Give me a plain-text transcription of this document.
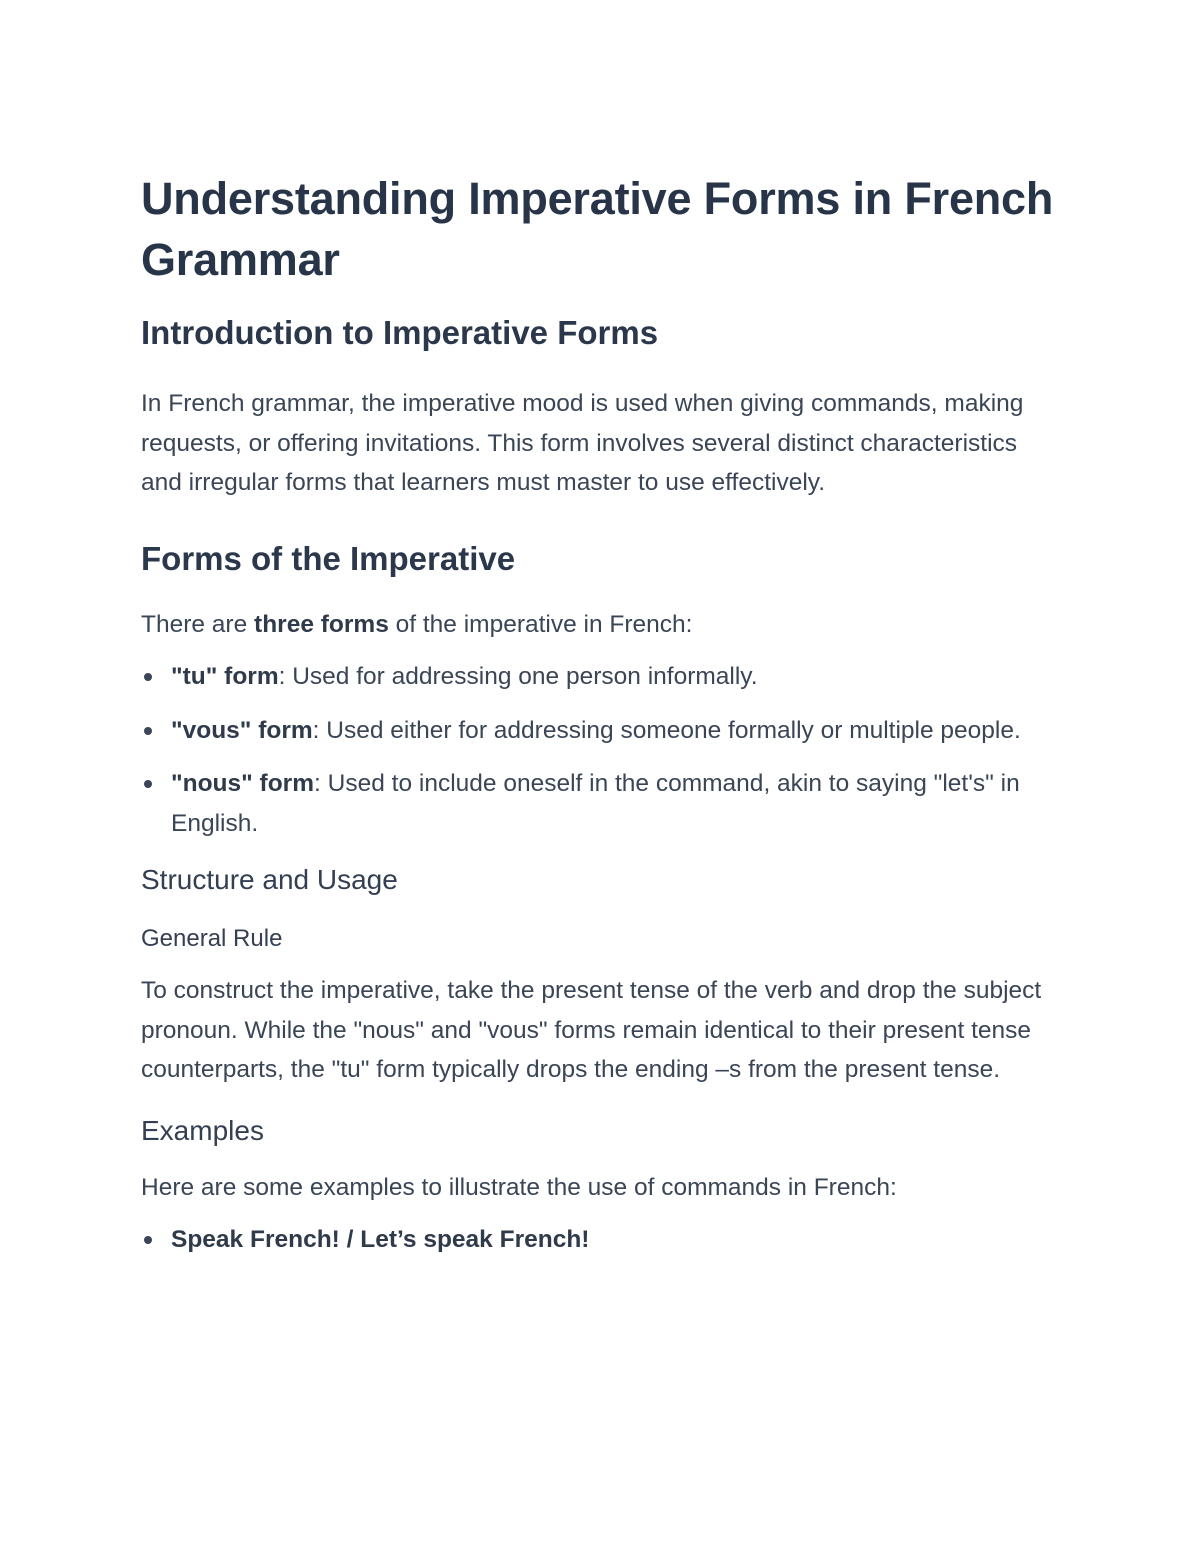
Understanding Imperative Forms in French Grammar
Introduction to Imperative Forms

In French grammar, the imperative mood is used when giving commands, making requests, or offering invitations. This form involves several distinct characteristics and irregular forms that learners must master to use effectively.

Forms of the Imperative

There are three forms of the imperative in French:

"tu" form: Used for addressing one person informally.
"vous" form: Used either for addressing someone formally or multiple people.
"nous" form: Used to include oneself in the command, akin to saying "let's" in English.
Structure and Usage
General Rule

To construct the imperative, take the present tense of the verb and drop the subject pronoun. While the "nous" and "vous" forms remain identical to their present tense counterparts, the "tu" form typically drops the ending –s from the present tense.

Examples

Here are some examples to illustrate the use of commands in French:

Speak French! / Let’s speak French!
